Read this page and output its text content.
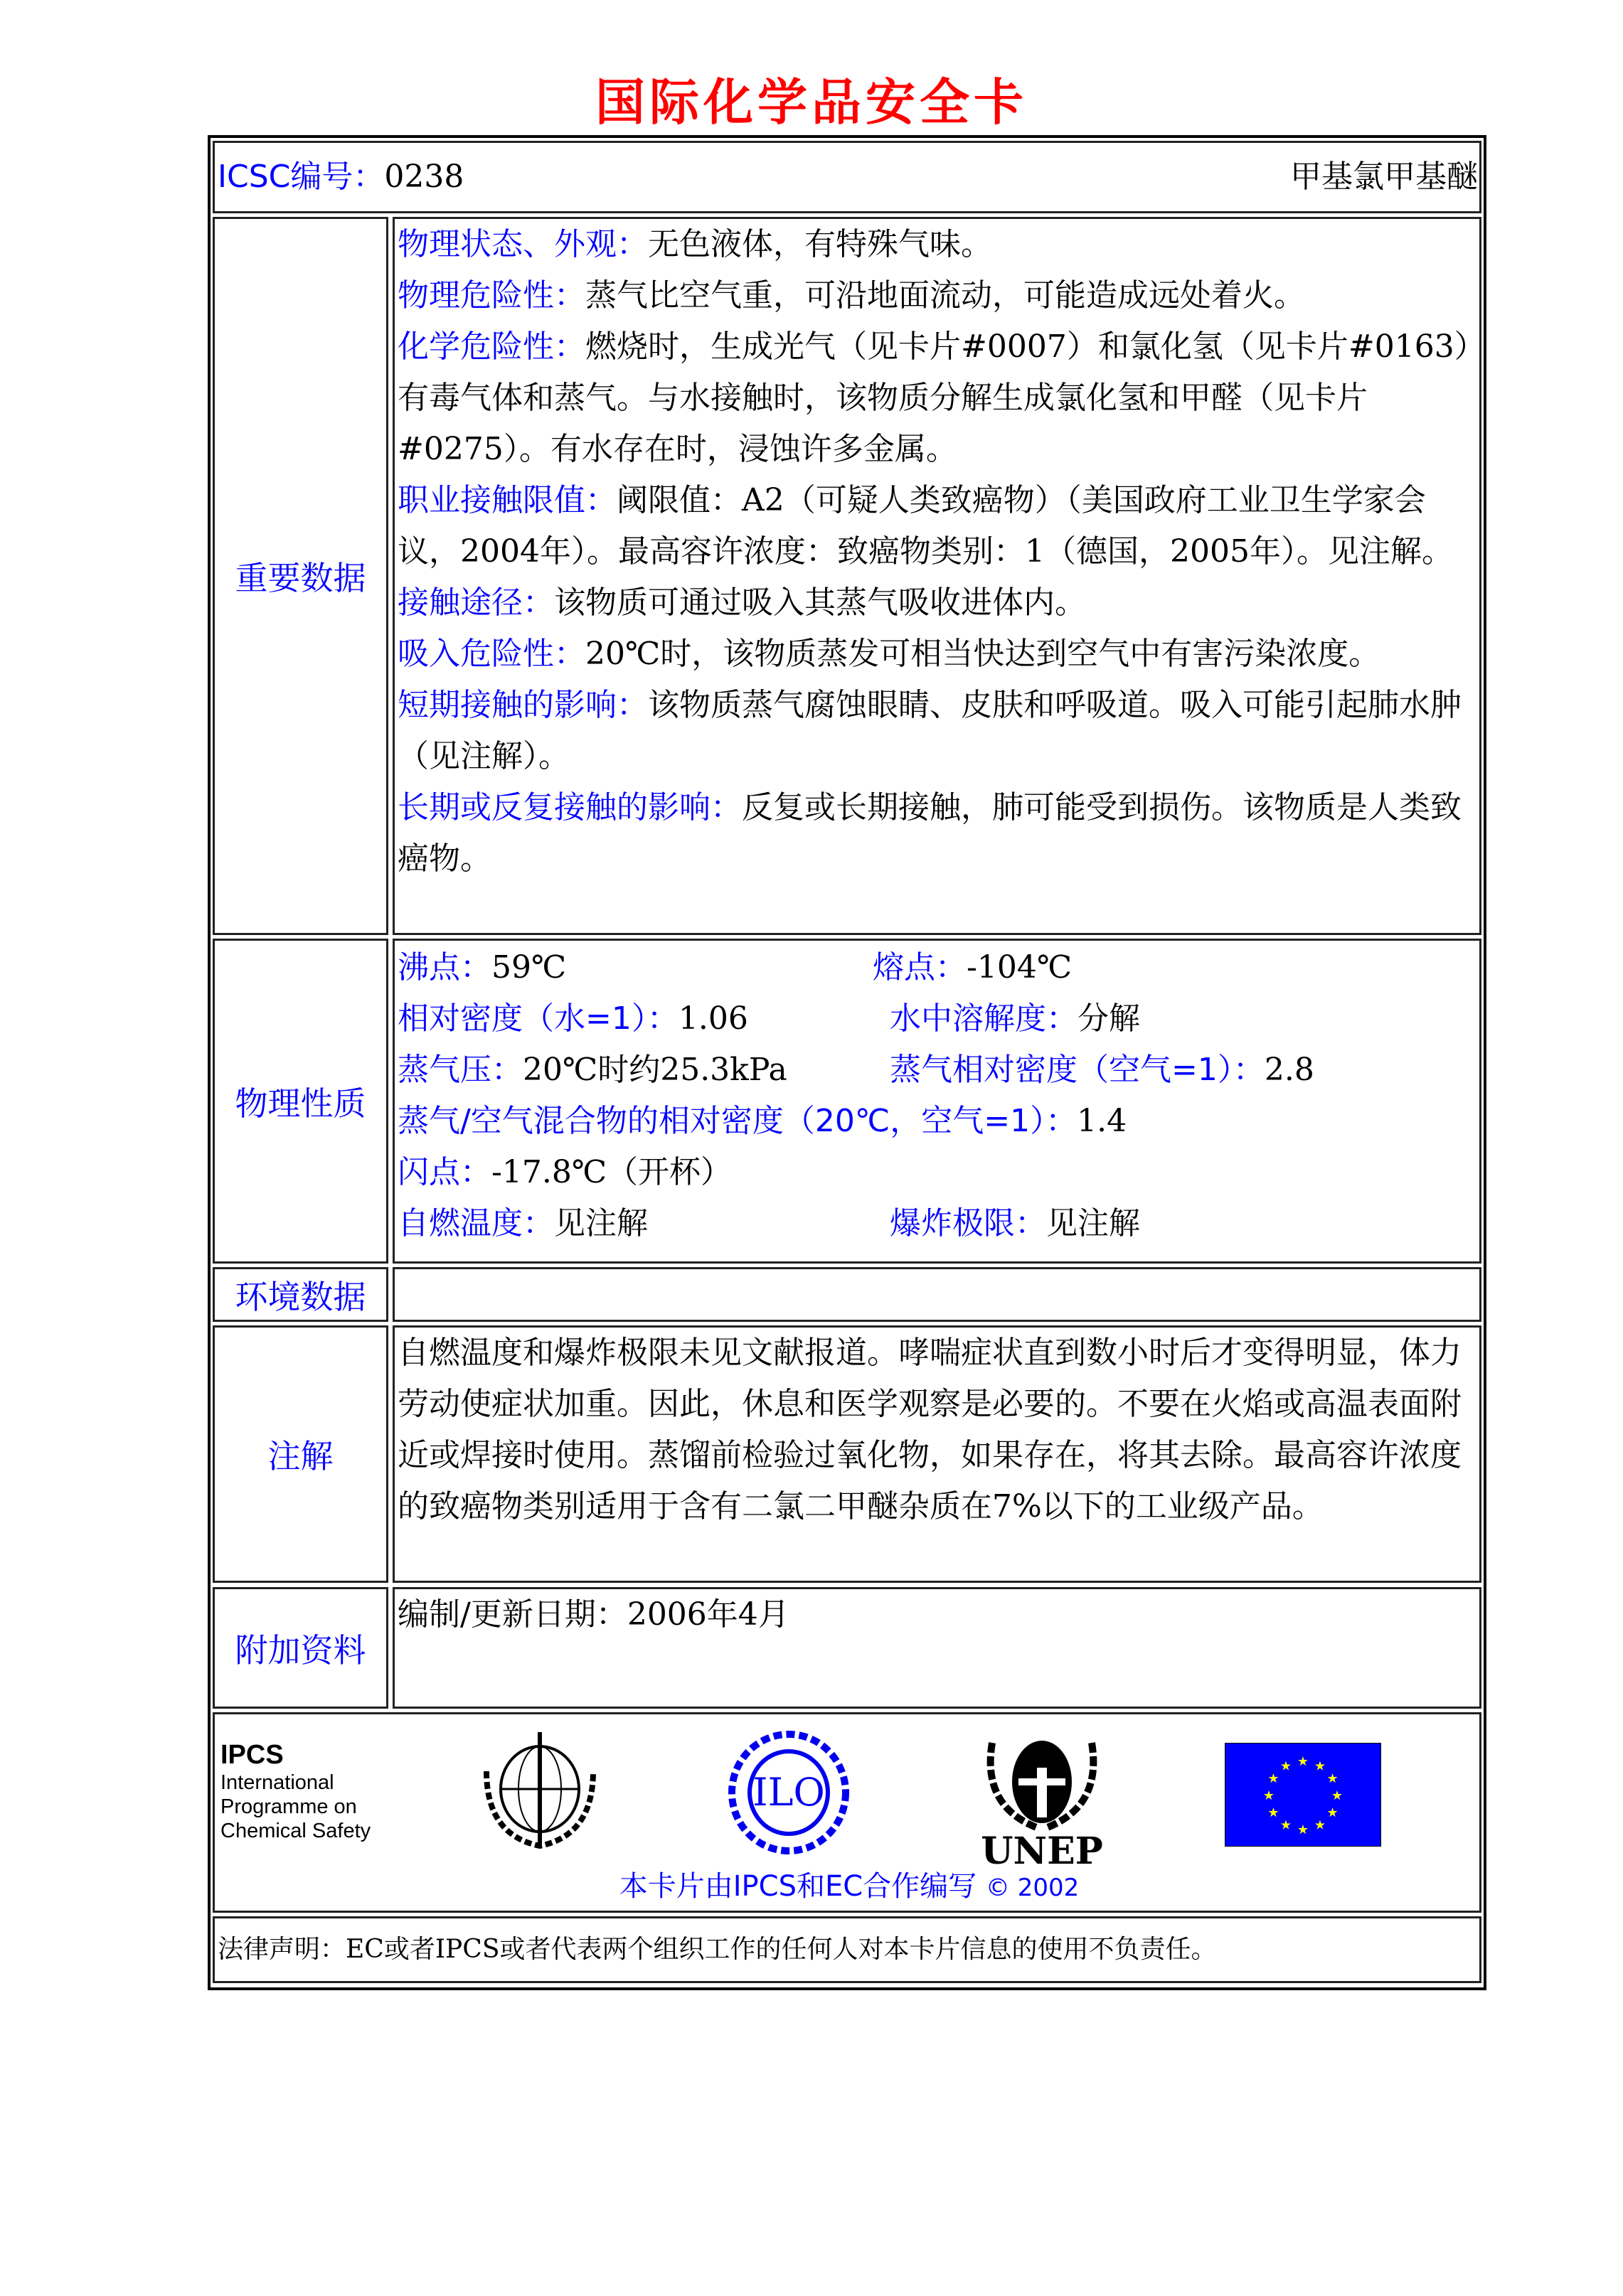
国际化学品安全卡
ICSC编号：0238	甲基氯甲基醚
重要数据
物理状态、外观：无色液体，有特殊气味。
物理危险性：蒸气比空气重，可沿地面流动，可能造成远处着火。
化学危险性：燃烧时，生成光气（见卡片#0007）和氯化氢（见卡片#0163）有毒气体和蒸气。与水接触时，该物质分解生成氯化氢和甲醛（见卡片#0275）。有水存在时，浸蚀许多金属。
职业接触限值：阈限值：A2（可疑人类致癌物）（美国政府工业卫生学家会议，2004年）。最高容许浓度：致癌物类别：1（德国，2005年）。见注解。
接触途径：该物质可通过吸入其蒸气吸收进体内。
吸入危险性：20℃时，该物质蒸发可相当快达到空气中有害污染浓度。
短期接触的影响：该物质蒸气腐蚀眼睛、皮肤和呼吸道。吸入可能引起肺水肿（见注解）。
长期或反复接触的影响：反复或长期接触，肺可能受到损伤。该物质是人类致癌物。
物理性质
沸点：59℃	熔点：-104℃
相对密度（水=1）：1.06	水中溶解度：分解
蒸气压：20℃时约25.3kPa	蒸气相对密度（空气=1）：2.8
蒸气/空气混合物的相对密度（20℃，空气=1）：1.4
闪点：-17.8℃（开杯）
自燃温度：见注解	爆炸极限：见注解
环境数据
注解
自燃温度和爆炸极限未见文献报道。哮喘症状直到数小时后才变得明显，体力劳动使症状加重。因此，休息和医学观察是必要的。不要在火焰或高温表面附近或焊接时使用。蒸馏前检验过氧化物，如果存在，将其去除。最高容许浓度的致癌物类别适用于含有二氯二甲醚杂质在7%以下的工业级产品。
附加资料
编制/更新日期：2006年4月
IPCS
International
Programme on
Chemical Safety
ILO
UNEP
★ ★
★
★
★
★
★
★
★
★
★
★
本卡片由IPCS和EC合作编写 © 2002
法律声明：EC或者IPCS或者代表两个组织工作的任何人对本卡片信息的使用不负责任。
